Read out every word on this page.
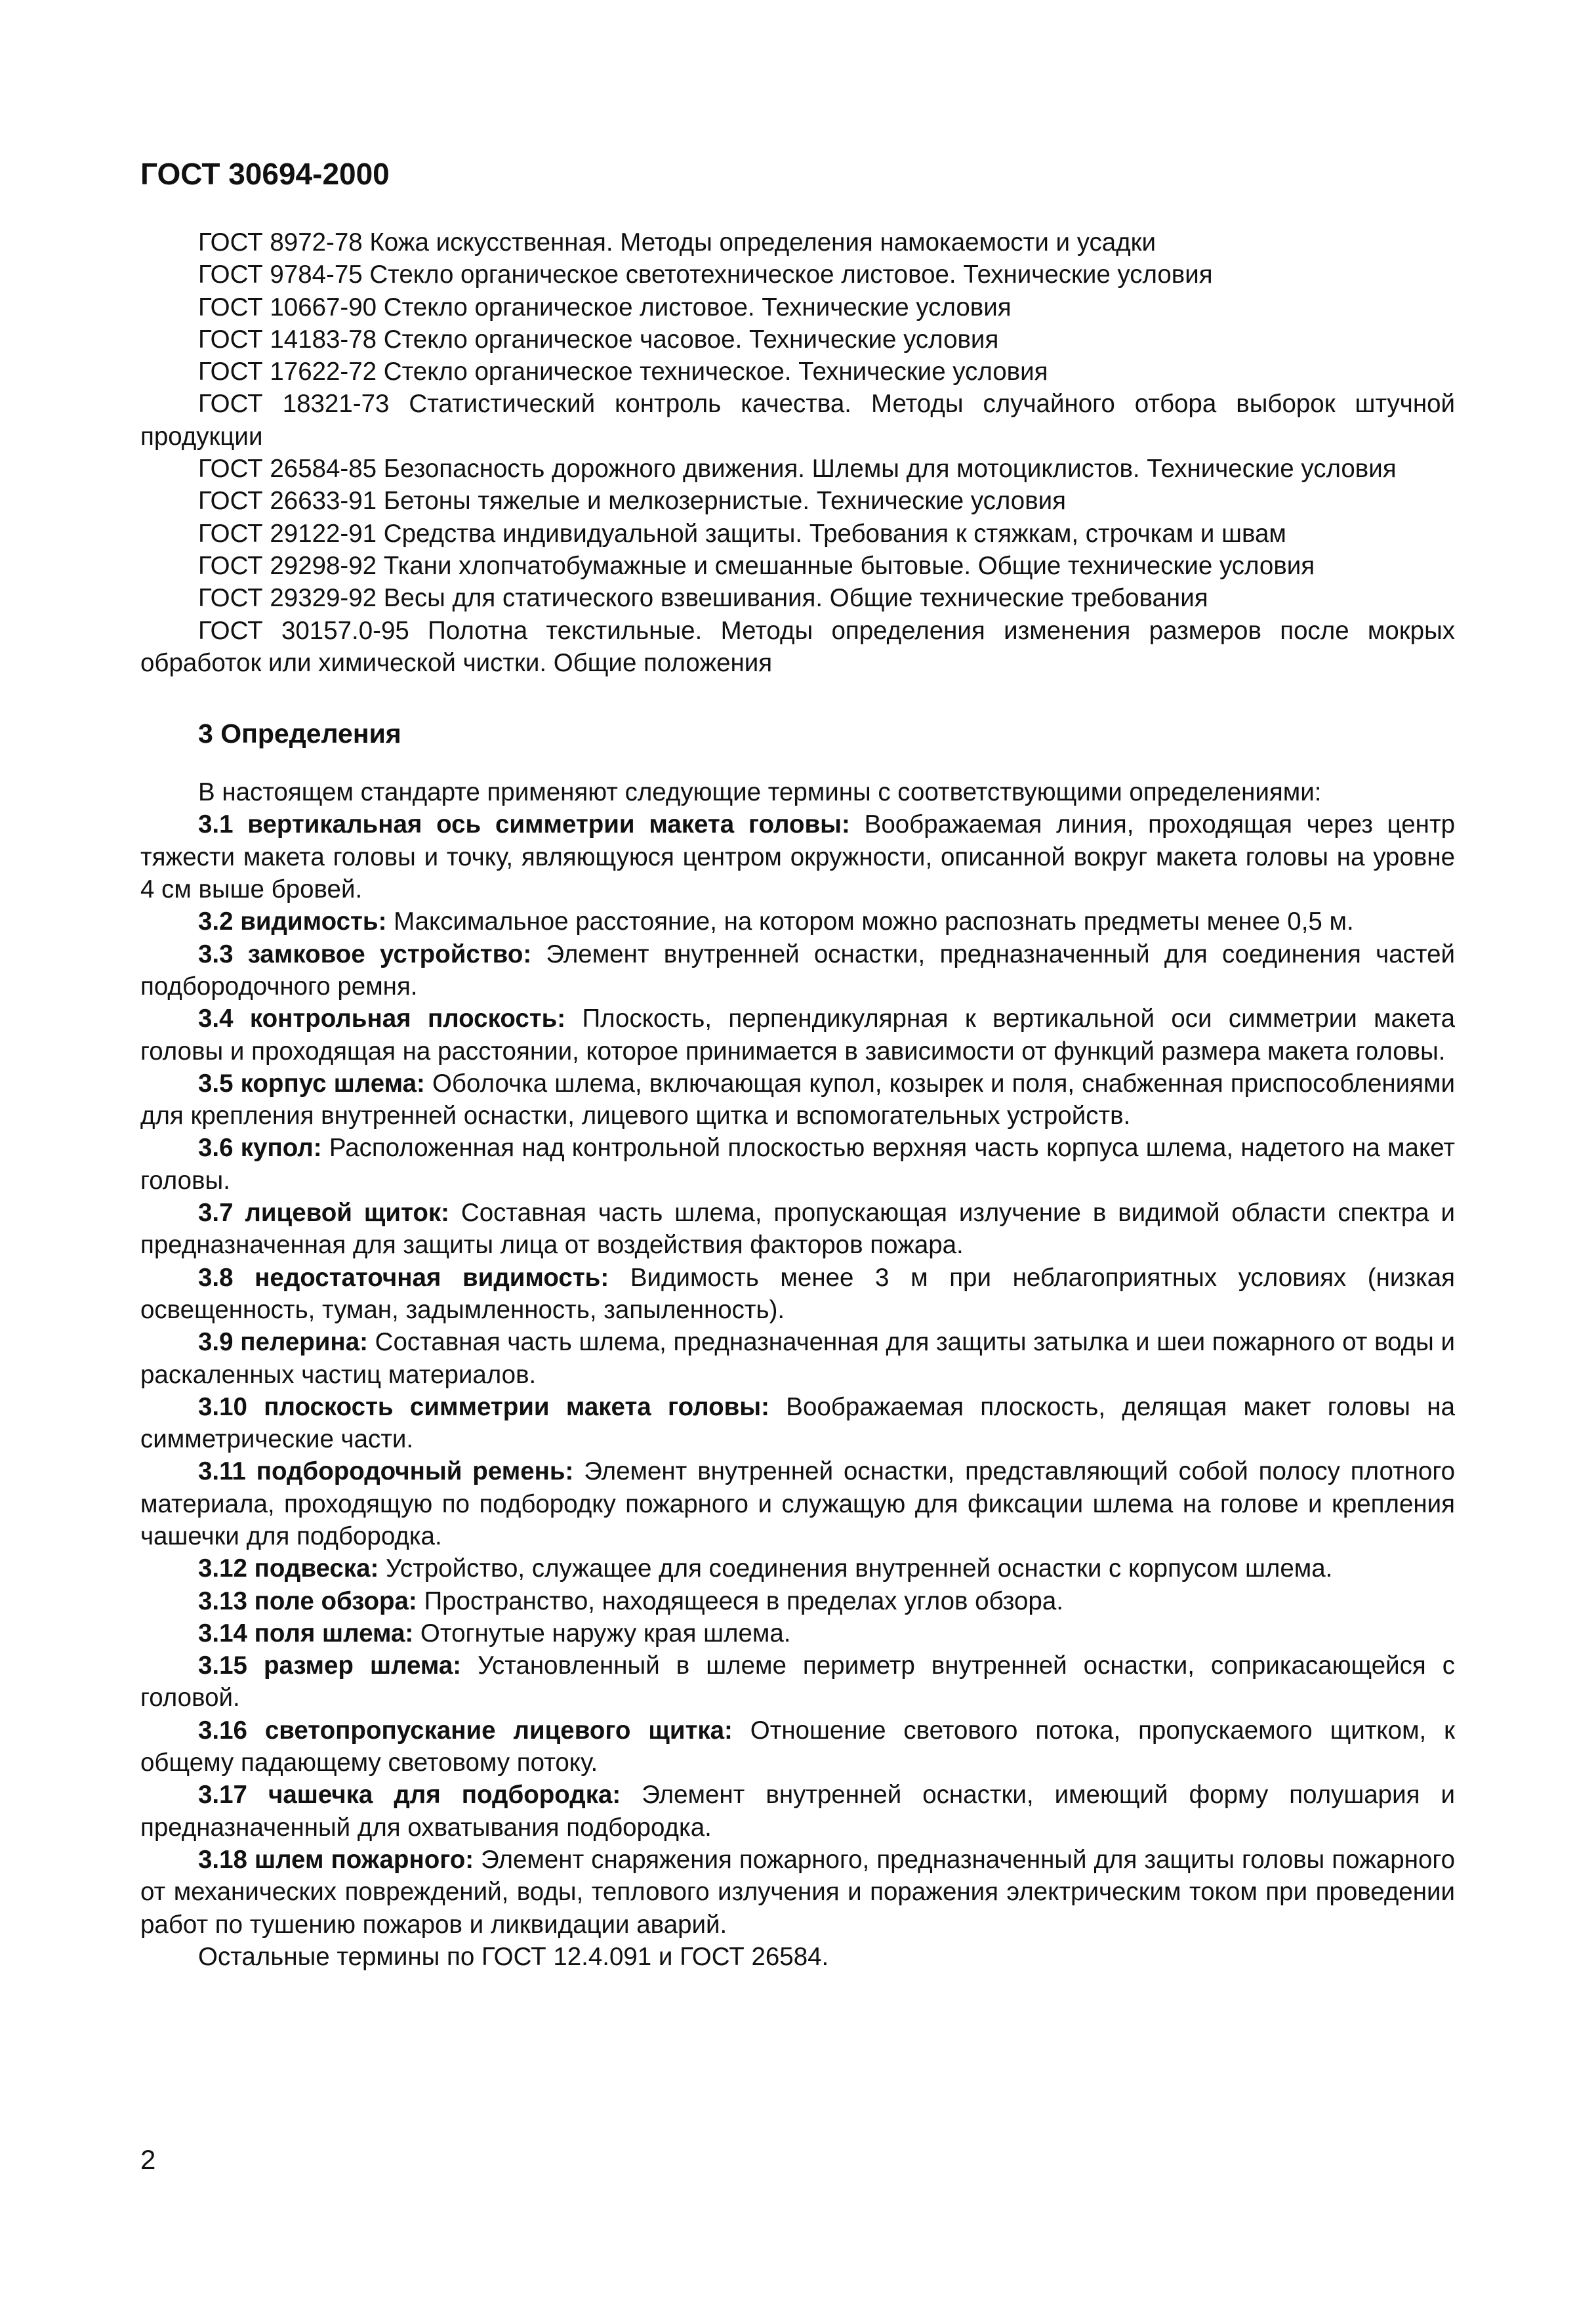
ГОСТ 30694-2000

ГОСТ 8972-78 Кожа искусственная. Методы определения намокаемости и усадки

ГОСТ 9784-75 Стекло органическое светотехническое листовое. Технические условия

ГОСТ 10667-90 Стекло органическое листовое. Технические условия

ГОСТ 14183-78 Стекло органическое часовое. Технические условия

ГОСТ 17622-72 Стекло органическое техническое. Технические условия

ГОСТ 18321-73 Статистический контроль качества. Методы случайного отбора выборок штучной продукции

ГОСТ 26584-85 Безопасность дорожного движения. Шлемы для мотоциклистов. Технические условия

ГОСТ 26633-91 Бетоны тяжелые и мелкозернистые. Технические условия

ГОСТ 29122-91 Средства индивидуальной защиты. Требования к стяжкам, строчкам и швам

ГОСТ 29298-92 Ткани хлопчатобумажные и смешанные бытовые. Общие технические условия

ГОСТ 29329-92 Весы для статического взвешивания. Общие технические требования

ГОСТ 30157.0-95 Полотна текстильные. Методы определения изменения размеров после мокрых обработок или химической чистки. Общие положения

3 Определения

В настоящем стандарте применяют следующие термины с соответствующими определениями:

3.1 вертикальная ось симметрии макета головы: Воображаемая линия, проходящая через центр тяжести макета головы и точку, являющуюся центром окружности, описанной вокруг макета головы на уровне 4 см выше бровей.

3.2 видимость: Максимальное расстояние, на котором можно распознать предметы менее 0,5 м.

3.3 замковое устройство: Элемент внутренней оснастки, предназначенный для соединения частей подбородочного ремня.

3.4 контрольная плоскость: Плоскость, перпендикулярная к вертикальной оси симметрии макета головы и проходящая на расстоянии, которое принимается в зависимости от функций размера макета головы.

3.5 корпус шлема: Оболочка шлема, включающая купол, козырек и поля, снабженная приспособлениями для крепления внутренней оснастки, лицевого щитка и вспомогательных устройств.

3.6 купол: Расположенная над контрольной плоскостью верхняя часть корпуса шлема, надетого на макет головы.

3.7 лицевой щиток: Составная часть шлема, пропускающая излучение в видимой области спектра и предназначенная для защиты лица от воздействия факторов пожара.

3.8 недостаточная видимость: Видимость менее 3 м при неблагоприятных условиях (низкая освещенность, туман, задымленность, запыленность).

3.9 пелерина: Составная часть шлема, предназначенная для защиты затылка и шеи пожарного от воды и раскаленных частиц материалов.

3.10 плоскость симметрии макета головы: Воображаемая плоскость, делящая макет головы на симметрические части.

3.11 подбородочный ремень: Элемент внутренней оснастки, представляющий собой полосу плотного материала, проходящую по подбородку пожарного и служащую для фиксации шлема на голове и крепления чашечки для подбородка.

3.12 подвеска: Устройство, служащее для соединения внутренней оснастки с корпусом шлема.

3.13 поле обзора: Пространство, находящееся в пределах углов обзора.

3.14 поля шлема: Отогнутые наружу края шлема.

3.15 размер шлема: Установленный в шлеме периметр внутренней оснастки, соприкасающейся с головой.

3.16 светопропускание лицевого щитка: Отношение светового потока, пропускаемого щитком, к общему падающему световому потоку.

3.17 чашечка для подбородка: Элемент внутренней оснастки, имеющий форму полушария и предназначенный для охватывания подбородка.

3.18 шлем пожарного: Элемент снаряжения пожарного, предназначенный для защиты головы пожарного от механических повреждений, воды, теплового излучения и поражения электрическим током при проведении работ по тушению пожаров и ликвидации аварий.

Остальные термины по ГОСТ 12.4.091 и ГОСТ 26584.

2
